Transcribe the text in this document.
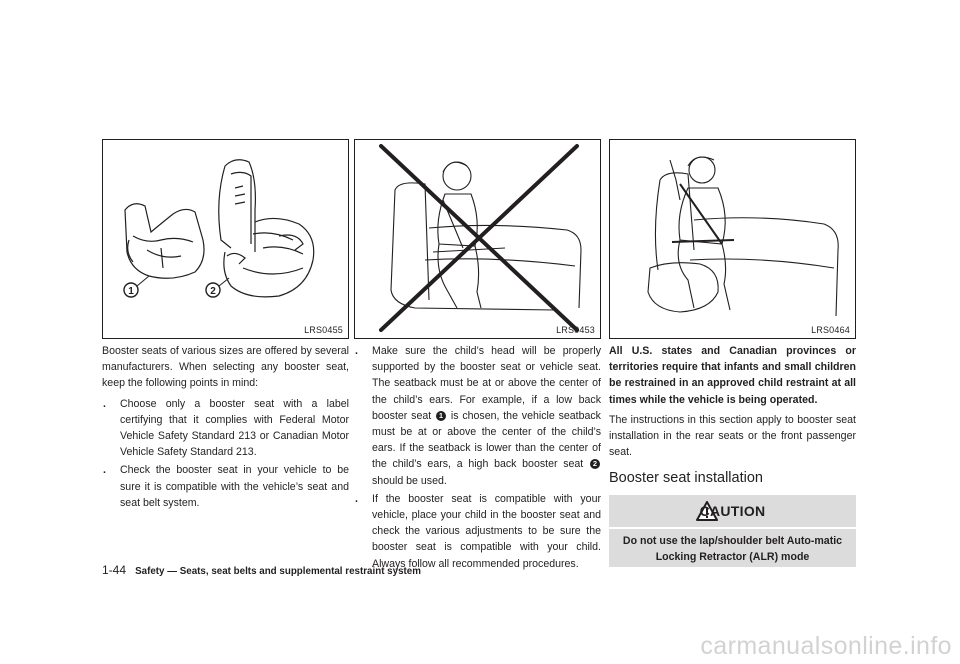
1	2
LRS0455	LRS0453	LRS0464

Booster seats of various sizes are offered by several manufacturers. When selecting any booster seat, keep the following points in mind:

. Choose only a booster seat with a label certifying that it complies with Federal Motor Vehicle Safety Standard 213 or Canadian Motor Vehicle Safety Standard 213.
. Check the booster seat in your vehicle to be sure it is compatible with the vehicle’s seat and seat belt system.
. Make sure the child’s head will be properly supported by the booster seat or vehicle seat. The seatback must be at or above the center of the child’s ears. For example, if a low back booster seat 1 is chosen, the vehicle seatback must be at or above the center of the child’s ears. If the seatback is lower than the center of the child’s ears, a high back booster seat 2 should be used.
. If the booster seat is compatible with your vehicle, place your child in the booster seat and check the various adjustments to be sure the booster seat is compatible with your child. Always follow all recommended procedures.

All U.S. states and Canadian provinces or territories require that infants and small children be restrained in an approved child restraint at all times while the vehicle is being operated.

The instructions in this section apply to booster seat installation in the rear seats or the front passenger seat.

Booster seat installation
CAUTION
Do not use the lap/shoulder belt Auto-matic Locking Retractor (ALR) mode
1-44 Safety — Seats, seat belts and supplemental restraint system
carmanualsonline.info
